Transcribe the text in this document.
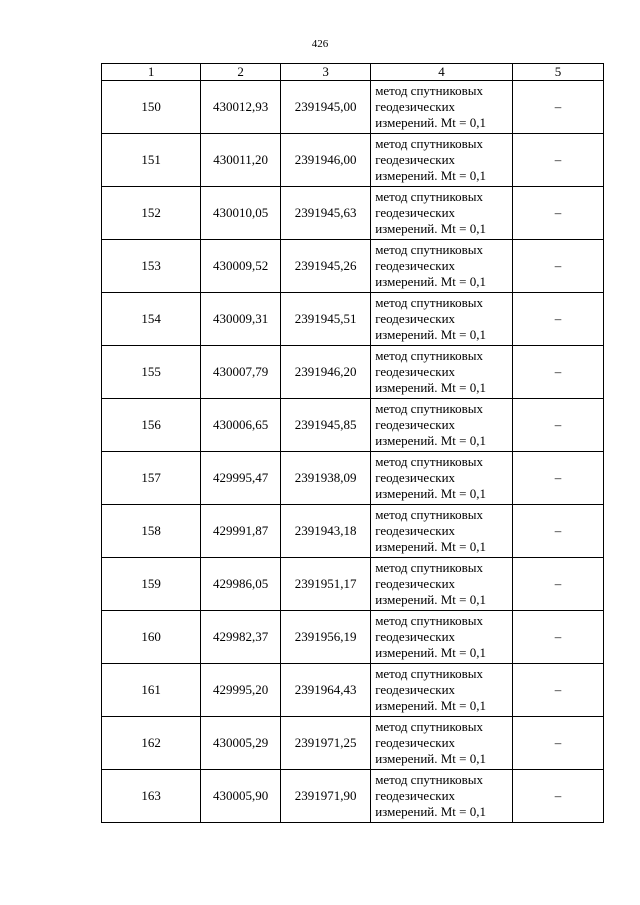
426
1	2	3	4	5
150	430012,93	2391945,00	метод спутниковых
геодезических
измерений. Mt = 0,1	–
151	430011,20	2391946,00	метод спутниковых
геодезических
измерений. Mt = 0,1	–
152	430010,05	2391945,63	метод спутниковых
геодезических
измерений. Mt = 0,1	–
153	430009,52	2391945,26	метод спутниковых
геодезических
измерений. Mt = 0,1	–
154	430009,31	2391945,51	метод спутниковых
геодезических
измерений. Mt = 0,1	–
155	430007,79	2391946,20	метод спутниковых
геодезических
измерений. Mt = 0,1	–
156	430006,65	2391945,85	метод спутниковых
геодезических
измерений. Mt = 0,1	–
157	429995,47	2391938,09	метод спутниковых
геодезических
измерений. Mt = 0,1	–
158	429991,87	2391943,18	метод спутниковых
геодезических
измерений. Mt = 0,1	–
159	429986,05	2391951,17	метод спутниковых
геодезических
измерений. Mt = 0,1	–
160	429982,37	2391956,19	метод спутниковых
геодезических
измерений. Mt = 0,1	–
161	429995,20	2391964,43	метод спутниковых
геодезических
измерений. Mt = 0,1	–
162	430005,29	2391971,25	метод спутниковых
геодезических
измерений. Mt = 0,1	–
163	430005,90	2391971,90	метод спутниковых
геодезических
измерений. Mt = 0,1	–
